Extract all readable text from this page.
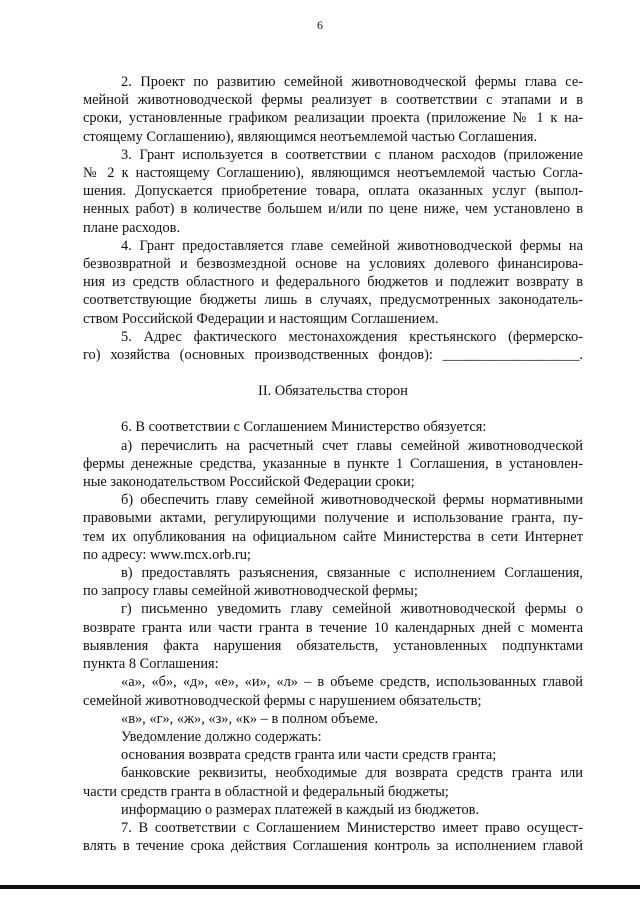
6
2. Проект по развитию семейной животноводческой фермы глава се-
мейной животноводческой фермы реализует в соответствии с этапами и в
сроки, установленные графиком реализации проекта (приложение № 1 к на-
стоящему Соглашению), являющимся неотъемлемой частью Соглашения.
3. Грант используется в соответствии с планом расходов (приложение
№ 2 к настоящему Соглашению), являющимся неотъемлемой частью Согла-
шения. Допускается приобретение товара, оплата оказанных услуг (выпол-
ненных работ) в количестве большем и/или по цене ниже, чем установлено в
плане расходов.
4. Грант предоставляется главе семейной животноводческой фермы на
безвозвратной и безвозмездной основе на условиях долевого финансирова-
ния из средств областного и федерального бюджетов и подлежит возврату в
соответствующие бюджеты лишь в случаях, предусмотренных законодатель-
ством Российской Федерации и настоящим Соглашением.
5. Адрес фактического местонахождения крестьянского (фермерско-
го) хозяйства (основных производственных фондов): ___________________.
II. Обязательства сторон
6. В соответствии с Соглашением Министерство обязуется:
а) перечислить на расчетный счет главы семейной животноводческой
фермы денежные средства, указанные в пункте 1 Соглашения, в установлен-
ные законодательством Российской Федерации сроки;
б) обеспечить главу семейной животноводческой фермы нормативными
правовыми актами, регулирующими получение и использование гранта, пу-
тем их опубликования на официальном сайте Министерства в сети Интернет
по адресу: www.mcx.orb.ru;
в) предоставлять разъяснения, связанные с исполнением Соглашения,
по запросу главы семейной животноводческой фермы;
г) письменно уведомить главу семейной животноводческой фермы о
возврате гранта или части гранта в течение 10 календарных дней с момента
выявления факта нарушения обязательств, установленных подпунктами
пункта 8 Соглашения:
«а», «б», «д», «е», «и», «л» – в объеме средств, использованных главой
семейной животноводческой фермы с нарушением обязательств;
«в», «г», «ж», «з», «к» – в полном объеме.
Уведомление должно содержать:
основания возврата средств гранта или части средств гранта;
банковские реквизиты, необходимые для возврата средств гранта или
части средств гранта в областной и федеральный бюджеты;
информацию о размерах платежей в каждый из бюджетов.
7. В соответствии с Соглашением Министерство имеет право осущест-
влять в течение срока действия Соглашения контроль за исполнением главой
